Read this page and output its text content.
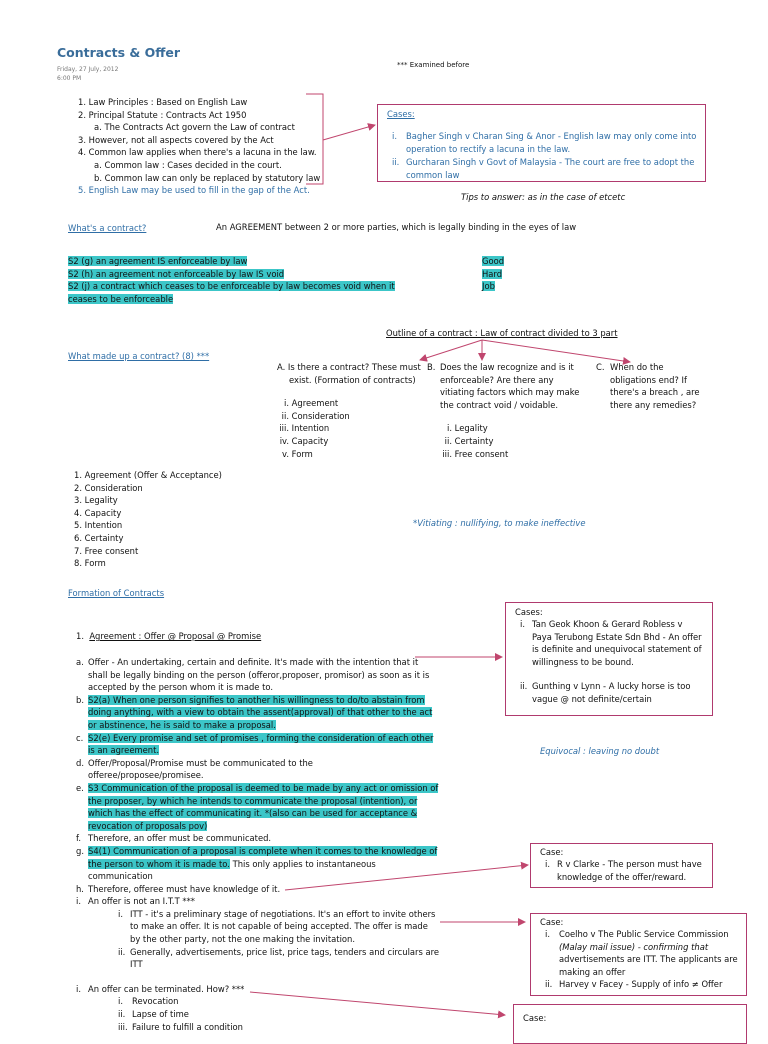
Contracts & Offer
Friday, 27 July, 2012
6:00 PM
*** Examined before
1. Law Principles : Based on English Law
2. Principal Statute : Contracts Act 1950
a. The Contracts Act govern the Law of contract
3. However, not all aspects covered by the Act
4. Common law applies when there's a lacuna in the law.
a. Common law : Cases decided in the court.
b. Common law can only be replaced by statutory law
5. English Law may be used to fill in the gap of the Act.
Cases:
i.	Bagher Singh v Charan Sing & Anor - English law may only come into operation to rectify a lacuna in the law.
ii. Gurcharan Singh v Govt of Malaysia - The court are free to adopt the common law
Tips to answer: as in the case of etcetc
What's a contract?	An AGREEMENT between 2 or more parties, which is legally binding in the eyes of law
S2 (g) an agreement IS enforceable by law
S2 (h) an agreement not enforceable by law IS void
S2 (j) a contract which ceases to be enforceable by law becomes void when it
ceases to be enforceable
Good
Hard
Job
Outline of a contract : Law of contract divided to 3 part
What made up a contract? (8) ***
A. Is there a contract? These must
exist. (Formation of contracts)
i. Agreement
ii. Consideration
iii. Intention
iv. Capacity
v. Form
B. Does the law recognize and is it
enforceable? Are there any
vitiating factors which may make
the contract void / voidable.
i. Legality
ii. Certainty
iii. Free consent
C. When do the
obligations end? If
there's a breach , are
there any remedies?
1. Agreement (Offer & Acceptance)
2. Consideration
3. Legality
4. Capacity
5. Intention
6. Certainty
7. Free consent
8. Form
*Vitiating : nullifying, to make ineffective
Formation of Contracts
1. Agreement : Offer @ Proposal @ Promise
a. Offer - An undertaking, certain and definite. It's made with the intention that it
shall be legally binding on the person (offeror,proposer, promisor) as soon as it is
accepted by the person whom it is made to.
b. S2(a) When one person signifies to another his willingness to do/to abstain from
doing anything, with a view to obtain the assent(approval) of that other to the act
or abstinence, he is said to make a proposal.
c. S2(e) Every promise and set of promises , forming the consideration of each other
is an agreement.
d. Offer/Proposal/Promise must be communicated to the
offeree/proposee/promisee.
e. S3 Communication of the proposal is deemed to be made by any act or omission of
the proposer, by which he intends to communicate the proposal (intention), or
which has the effect of communicating it. *(also can be used for acceptance &
revocation of proposals pov)
f. Therefore, an offer must be communicated.
g. S4(1) Communication of a proposal is complete when it comes to the knowledge of
the person to whom it is made to. This only applies to instantaneous
communication
h. Therefore, offeree must have knowledge of it.
i. An offer is not an I.T.T ***
i. ITT - it's a preliminary stage of negotiations. It's an effort to invite others
to make an offer. It is not capable of being accepted. The offer is made
by the other party, not the one making the invitation.
ii. Generally, advertisements, price list, price tags, tenders and circulars are
ITT
i. An offer can be terminated. How? ***
i.	Revocation
ii. Lapse of time
iii. Failure to fulfill a condition
Cases:
i. Tan Geok Khoon & Gerard Robless v
Paya Terubong Estate Sdn Bhd - An offer
is definite and unequivocal statement of
willingness to be bound.
ii. Gunthing v Lynn - A lucky horse is too
vague @ not definite/certain
Equivocal : leaving no doubt
Case:
i. R v Clarke - The person must have
knowledge of the offer/reward.
Case:
i.	Coelho v The Public Service Commission
(Malay mail issue) - confirming that
advertisements are ITT. The applicants are
making an offer
ii. Harvey v Facey - Supply of info ≠ Offer
Case:
